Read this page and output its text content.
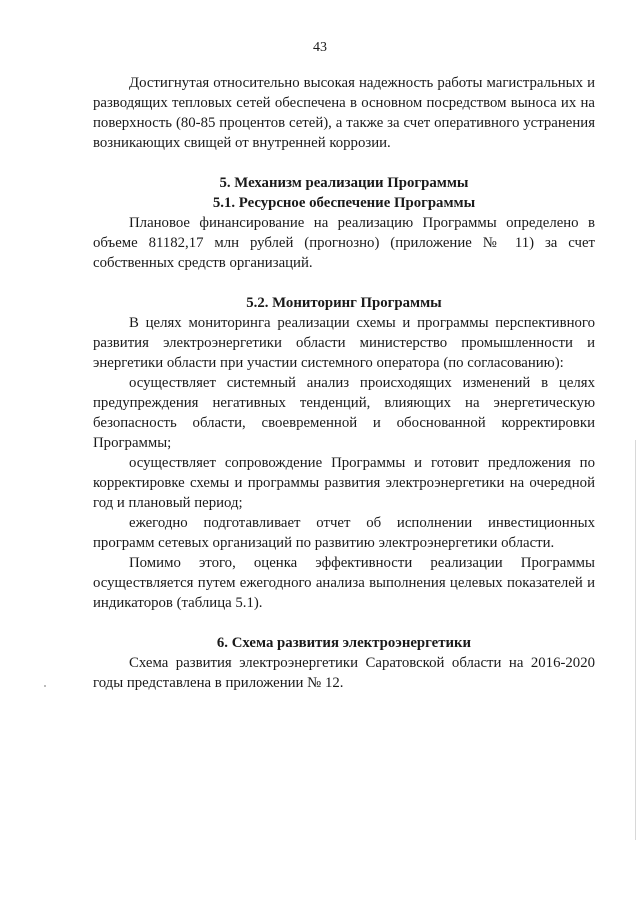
43

Достигнутая относительно высокая надежность работы магистральных и разводящих тепловых сетей обеспечена в основном посредством выноса их на поверхность (80-85 процентов сетей), а также за счет оперативного устранения возникающих свищей от внутренней коррозии.

5. Механизм реализации Программы
5.1. Ресурсное обеспечение Программы

Плановое финансирование на реализацию Программы определено в объеме 81182,17 млн рублей (прогнозно) (приложение № 11) за счет собственных средств организаций.

5.2. Мониторинг Программы

В целях мониторинга реализации схемы и программы перспективного развития электроэнергетики области министерство промышленности и энергетики области при участии системного оператора (по согласованию):

осуществляет системный анализ происходящих изменений в целях предупреждения негативных тенденций, влияющих на энергетическую безопасность области, своевременной и обоснованной корректировки Программы;

осуществляет сопровождение Программы и готовит предложения по корректировке схемы и программы развития электроэнергетики на очередной год и плановый период;

ежегодно подготавливает отчет об исполнении инвестиционных программ сетевых организаций по развитию электроэнергетики области.

Помимо этого, оценка эффективности реализации Программы осуществляется путем ежегодного анализа выполнения целевых показателей и индикаторов (таблица 5.1).

6. Схема развития электроэнергетики

Схема развития электроэнергетики Саратовской области на 2016-2020 годы представлена в приложении № 12.
